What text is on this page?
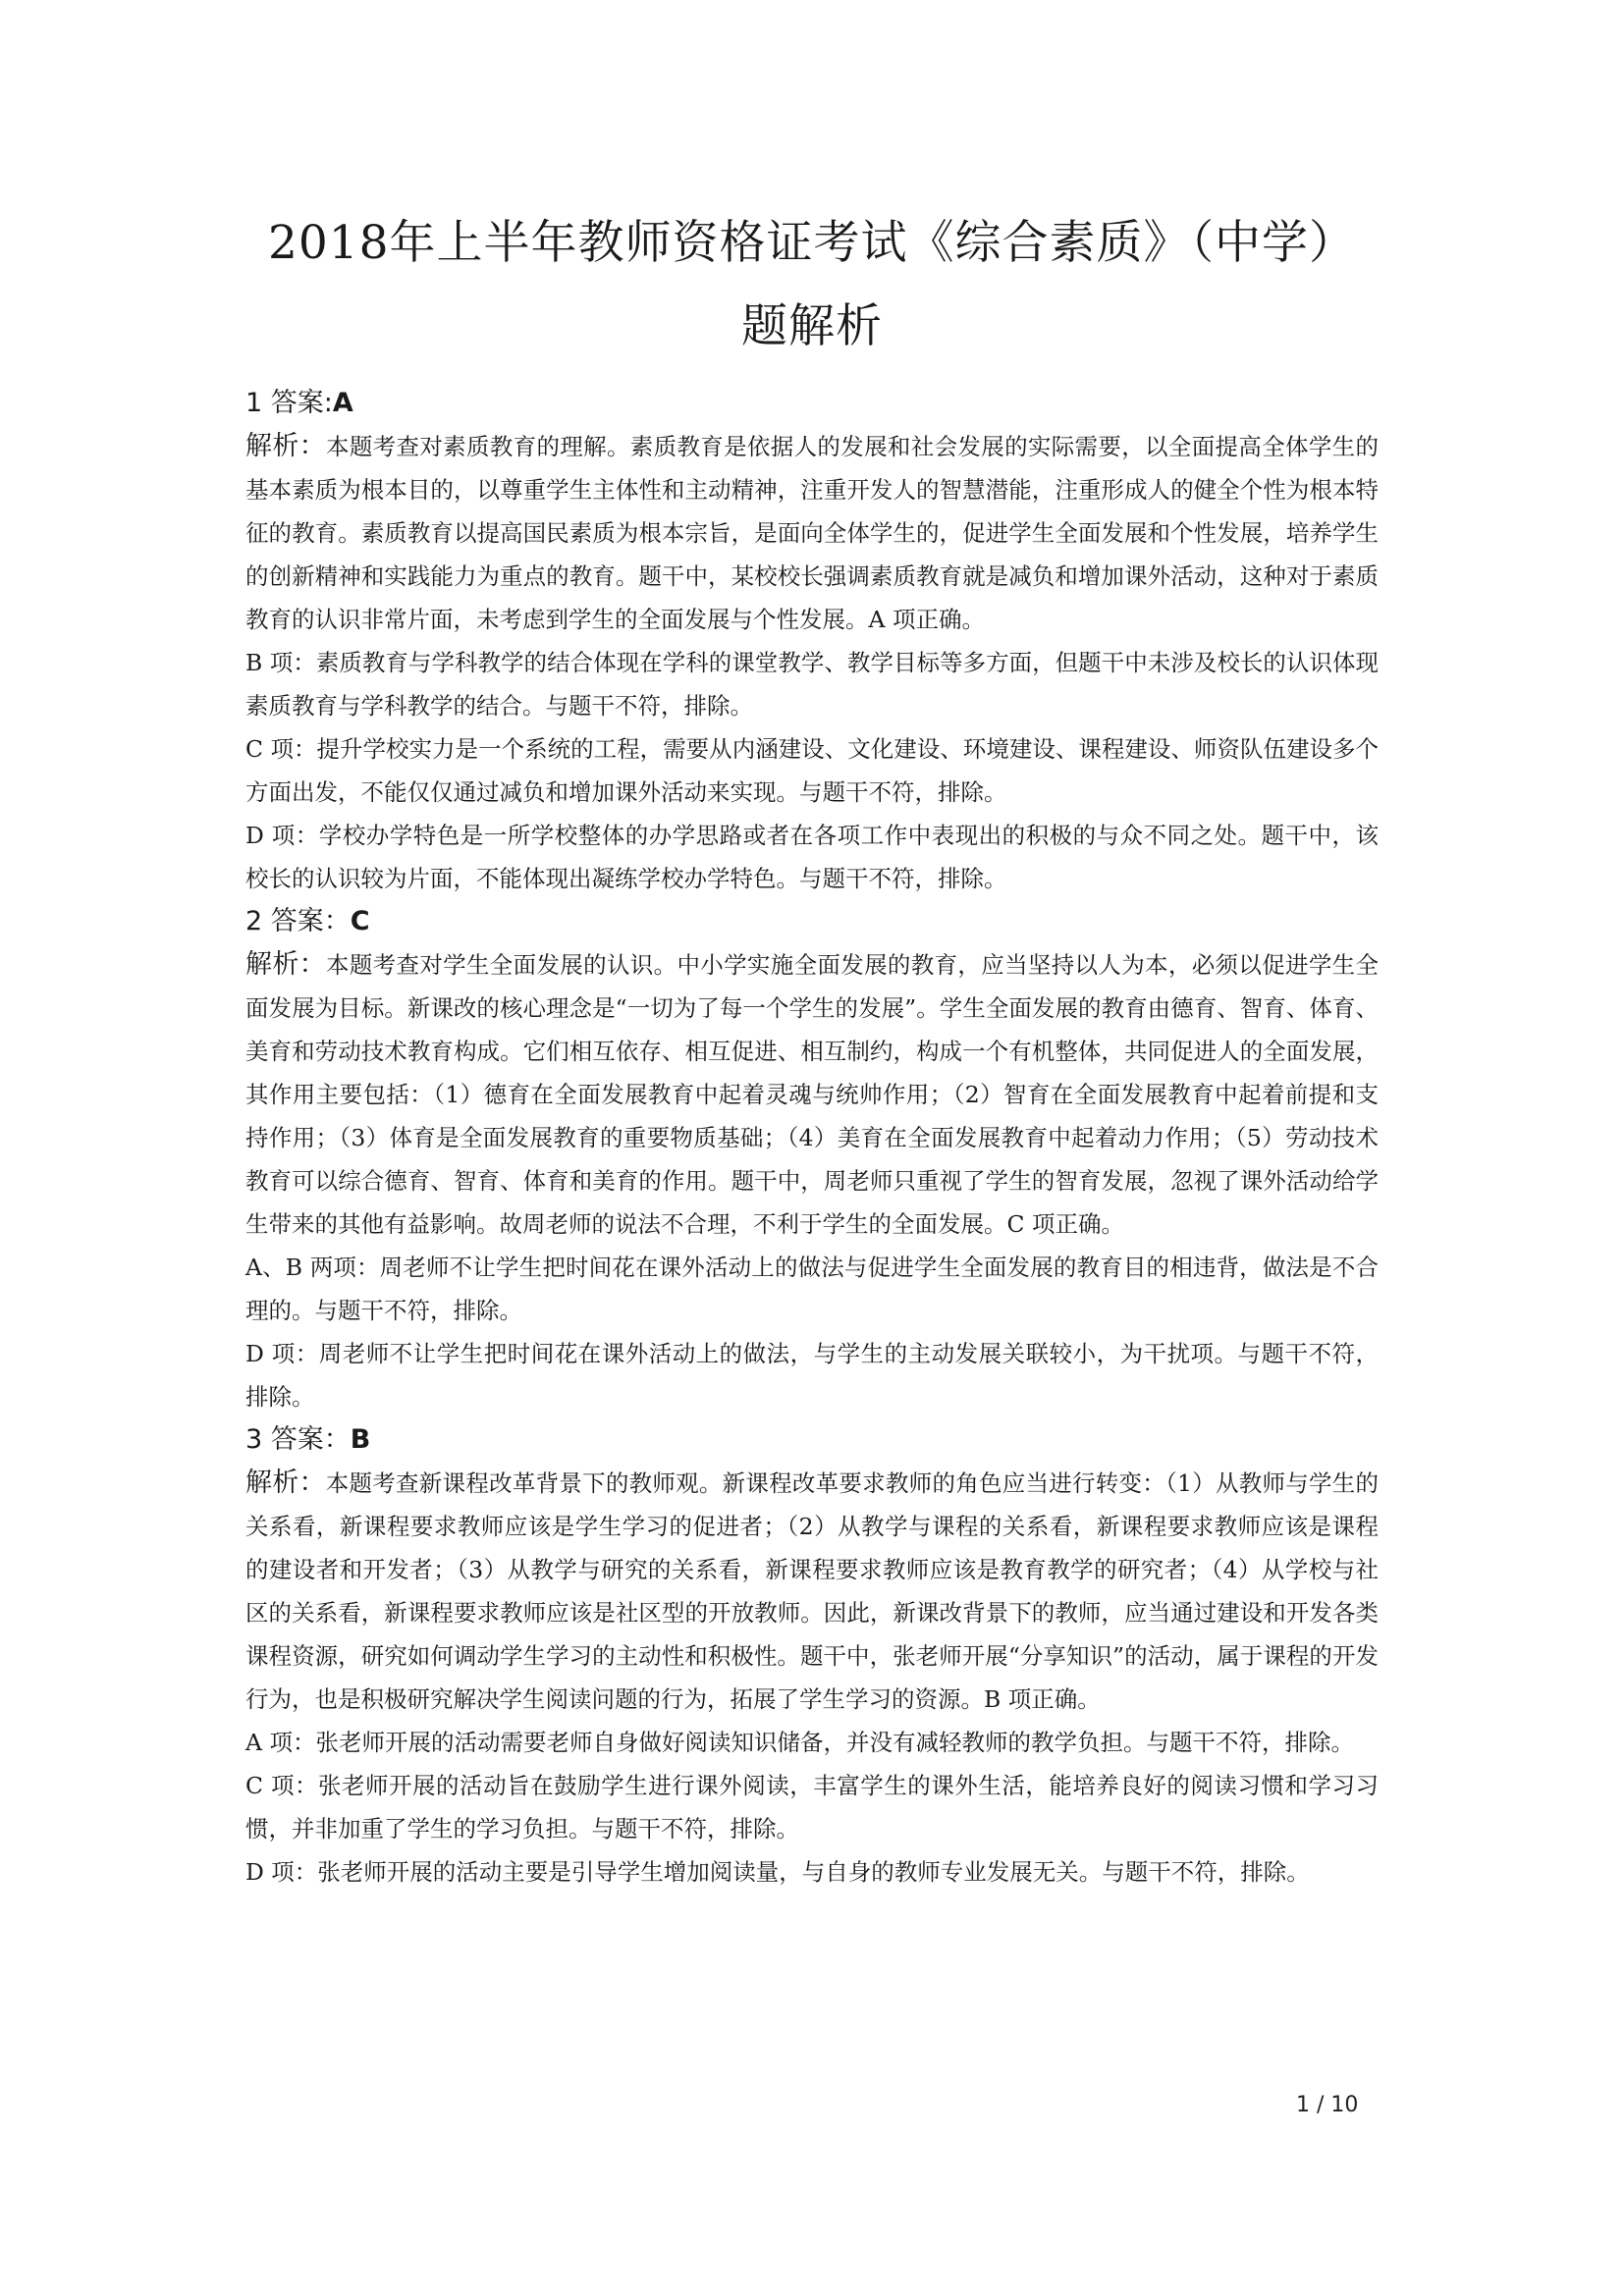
2018年上半年教师资格证考试《综合素质》（中学）
题解析

1 答案:A

解析：本题考查对素质教育的理解。素质教育是依据人的发展和社会发展的实际需要，以全面提高全体学生的基本素质为根本目的，以尊重学生主体性和主动精神，注重开发人的智慧潜能，注重形成人的健全个性为根本特征的教育。素质教育以提高国民素质为根本宗旨，是面向全体学生的，促进学生全面发展和个性发展，培养学生的创新精神和实践能力为重点的教育。题干中，某校校长强调素质教育就是减负和增加课外活动，这种对于素质教育的认识非常片面，未考虑到学生的全面发展与个性发展。A 项正确。

B 项：素质教育与学科教学的结合体现在学科的课堂教学、教学目标等多方面，但题干中未涉及校长的认识体现素质教育与学科教学的结合。与题干不符，排除。

C 项：提升学校实力是一个系统的工程，需要从内涵建设、文化建设、环境建设、课程建设、师资队伍建设多个方面出发，不能仅仅通过减负和增加课外活动来实现。与题干不符，排除。

D 项：学校办学特色是一所学校整体的办学思路或者在各项工作中表现出的积极的与众不同之处。题干中，该校长的认识较为片面，不能体现出凝练学校办学特色。与题干不符，排除。

2 答案：C

解析：本题考查对学生全面发展的认识。中小学实施全面发展的教育，应当坚持以人为本，必须以促进学生全面发展为目标。新课改的核心理念是“一切为了每一个学生的发展”。学生全面发展的教育由德育、智育、体育、美育和劳动技术教育构成。它们相互依存、相互促进、相互制约，构成一个有机整体，共同促进人的全面发展，其作用主要包括：（1）德育在全面发展教育中起着灵魂与统帅作用；（2）智育在全面发展教育中起着前提和支持作用；（3）体育是全面发展教育的重要物质基础；（4）美育在全面发展教育中起着动力作用；（5）劳动技术教育可以综合德育、智育、体育和美育的作用。题干中，周老师只重视了学生的智育发展，忽视了课外活动给学生带来的其他有益影响。故周老师的说法不合理，不利于学生的全面发展。C 项正确。

A、B 两项：周老师不让学生把时间花在课外活动上的做法与促进学生全面发展的教育目的相违背，做法是不合理的。与题干不符，排除。

D 项：周老师不让学生把时间花在课外活动上的做法，与学生的主动发展关联较小，为干扰项。与题干不符，排除。

3 答案：B

解析：本题考查新课程改革背景下的教师观。新课程改革要求教师的角色应当进行转变：（1）从教师与学生的关系看，新课程要求教师应该是学生学习的促进者；（2）从教学与课程的关系看，新课程要求教师应该是课程的建设者和开发者；（3）从教学与研究的关系看，新课程要求教师应该是教育教学的研究者；（4）从学校与社区的关系看，新课程要求教师应该是社区型的开放教师。因此，新课改背景下的教师，应当通过建设和开发各类课程资源，研究如何调动学生学习的主动性和积极性。题干中，张老师开展“分享知识”的活动，属于课程的开发行为，也是积极研究解决学生阅读问题的行为，拓展了学生学习的资源。B 项正确。

A 项：张老师开展的活动需要老师自身做好阅读知识储备，并没有减轻教师的教学负担。与题干不符，排除。

C 项：张老师开展的活动旨在鼓励学生进行课外阅读，丰富学生的课外生活，能培养良好的阅读习惯和学习习惯，并非加重了学生的学习负担。与题干不符，排除。

D 项：张老师开展的活动主要是引导学生增加阅读量，与自身的教师专业发展无关。与题干不符，排除。

1 / 10
